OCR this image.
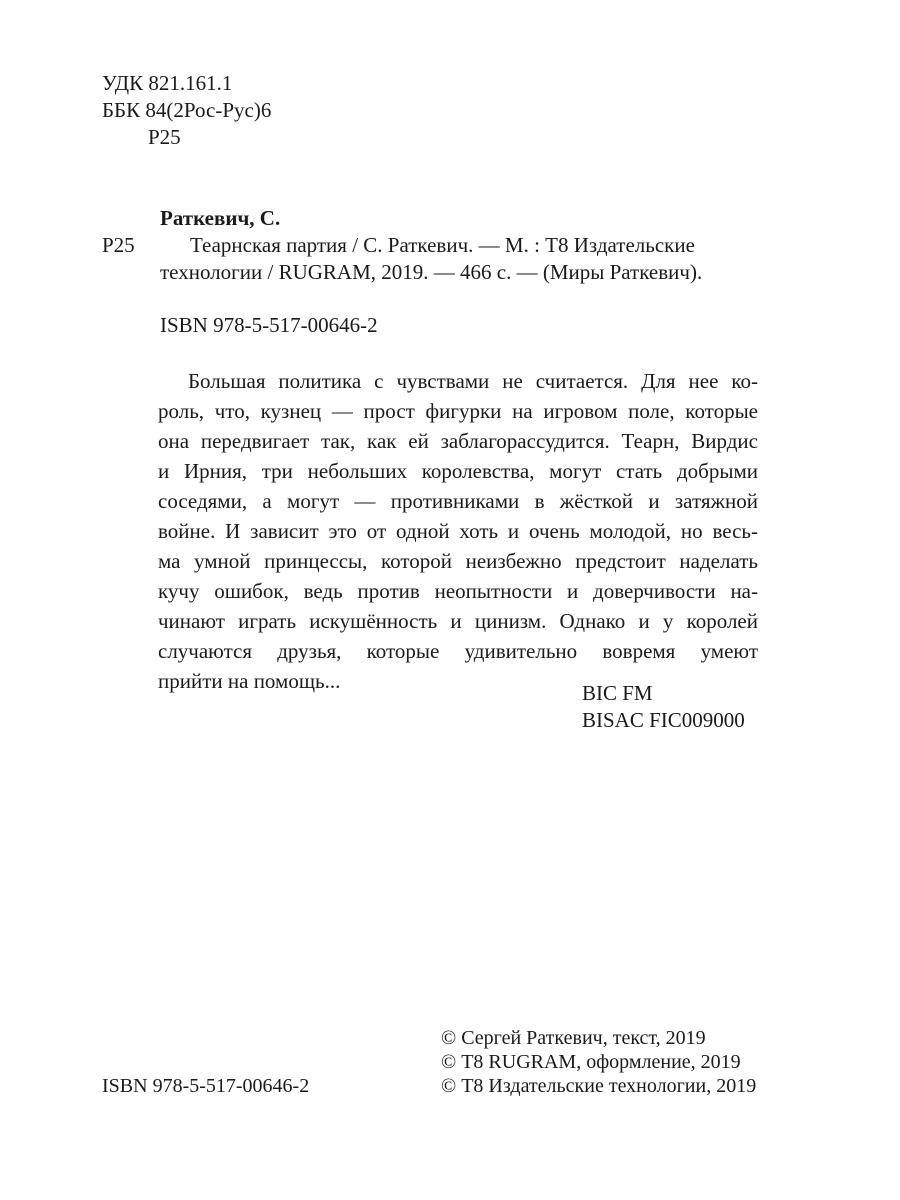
УДК 821.161.1
ББК 84(2Рос-Рус)6
Р25
Раткевич, С.
Р25	Теарнская партия / С. Раткевич. — М. : Т8 Издательские
технологии / RUGRAM, 2019. — 466 с. — (Миры Раткевич).
ISBN 978-5-517-00646-2
Большая политика с чувствами не считается. Для нее ко-
роль, что, кузнец — прост фигурки на игровом поле, которые
она передвигает так, как ей заблагорассудится. Теарн, Вирдис
и Ирния, три небольших королевства, могут стать добрыми
соседями, а могут — противниками в жёсткой и затяжной
войне. И зависит это от одной хоть и очень молодой, но весь-
ма умной принцессы, которой неизбежно предстоит наделать
кучу ошибок, ведь против неопытности и доверчивости на-
чинают играть искушённость и цинизм. Однако и у королей
случаются друзья, которые удивительно вовремя умеют
прийти на помощь...	BIC FM
BISAC FIC009000
© Сергей Раткевич, текст, 2019
© Т8 RUGRAM, оформление, 2019
© Т8 Издательские технологии, 2019
ISBN 978-5-517-00646-2
